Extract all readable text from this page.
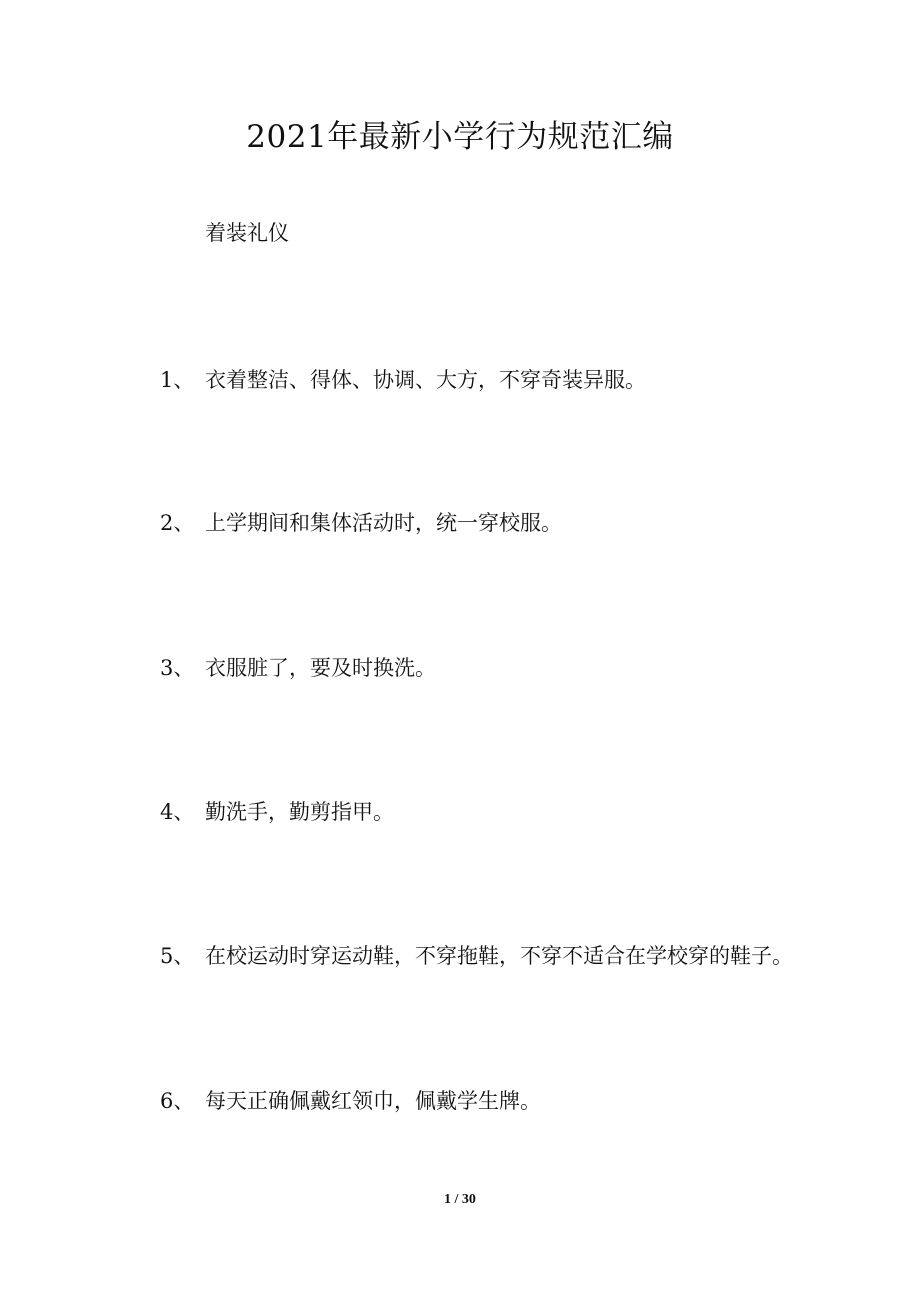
2021年最新小学行为规范汇编
着装礼仪
1、 衣着整洁、得体、协调、大方，不穿奇装异服。
2、 上学期间和集体活动时，统一穿校服。
3、 衣服脏了，要及时换洗。
4、 勤洗手，勤剪指甲。
5、 在校运动时穿运动鞋，不穿拖鞋，不穿不适合在学校穿的鞋子。
6、 每天正确佩戴红领巾，佩戴学生牌。
1 / 30
